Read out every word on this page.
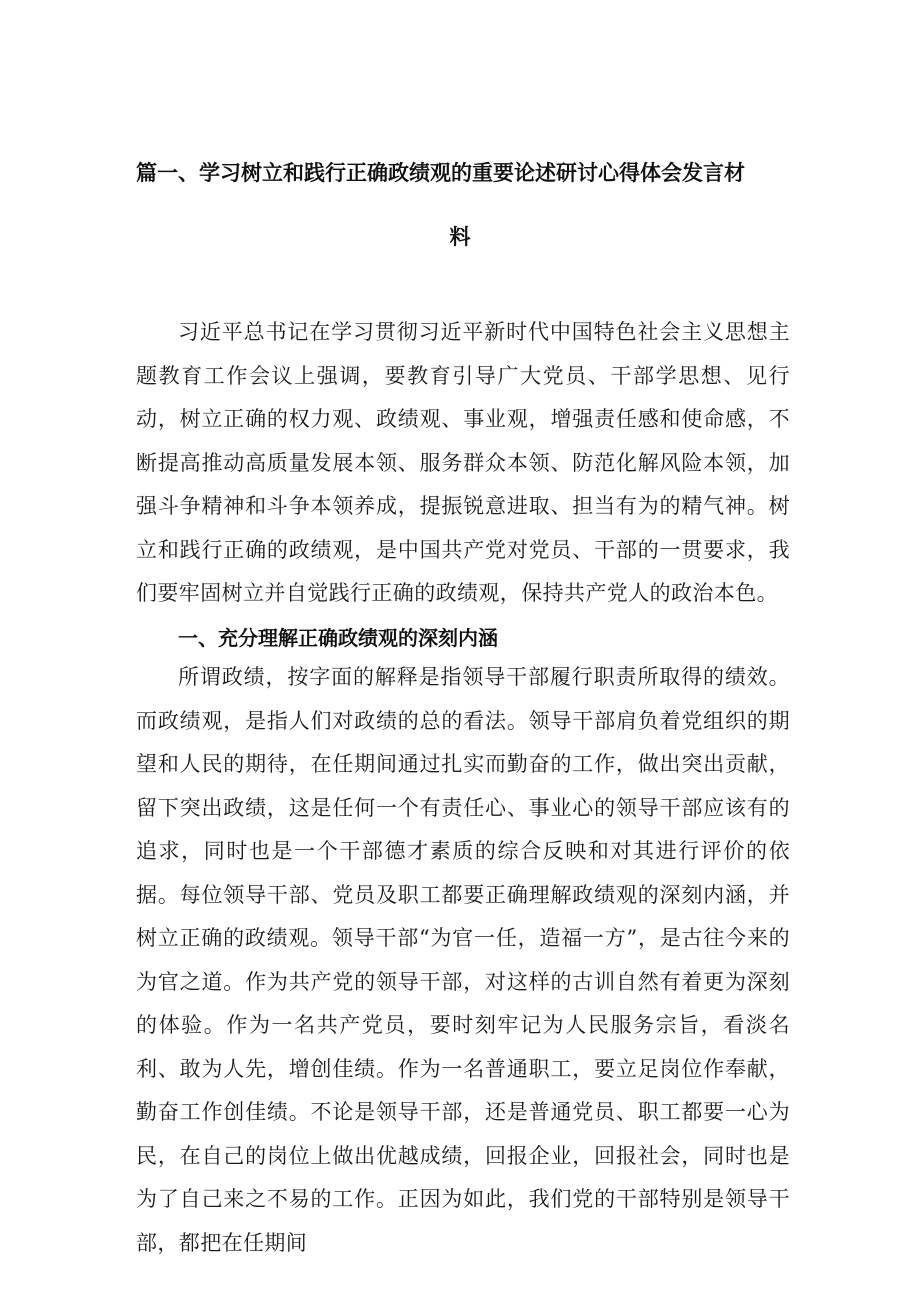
篇一、学习树立和践行正确政绩观的重要论述研讨心得体会发言材
料

习近平总书记在学习贯彻习近平新时代中国特色社会主义思想主题教育工作会议上强调，要教育引导广大党员、干部学思想、见行动，树立正确的权力观、政绩观、事业观，增强责任感和使命感，不断提高推动高质量发展本领、服务群众本领、防范化解风险本领，加强斗争精神和斗争本领养成，提振锐意进取、担当有为的精气神。树立和践行正确的政绩观，是中国共产党对党员、干部的一贯要求，我们要牢固树立并自觉践行正确的政绩观，保持共产党人的政治本色。

一、充分理解正确政绩观的深刻内涵

所谓政绩，按字面的解释是指领导干部履行职责所取得的绩效。而政绩观，是指人们对政绩的总的看法。领导干部肩负着党组织的期望和人民的期待，在任期间通过扎实而勤奋的工作，做出突出贡献，留下突出政绩，这是任何一个有责任心、事业心的领导干部应该有的追求，同时也是一个干部德才素质的综合反映和对其进行评价的依据。每位领导干部、党员及职工都要正确理解政绩观的深刻内涵，并树立正确的政绩观。领导干部“为官一任，造福一方”，是古往今来的为官之道。作为共产党的领导干部，对这样的古训自然有着更为深刻的体验。作为一名共产党员，要时刻牢记为人民服务宗旨，看淡名利、敢为人先，增创佳绩。作为一名普通职工，要立足岗位作奉献，勤奋工作创佳绩。不论是领导干部，还是普通党员、职工都要一心为民，在自己的岗位上做出优越成绩，回报企业，回报社会，同时也是为了自己来之不易的工作。正因为如此，我们党的干部特别是领导干部，都把在任期间
